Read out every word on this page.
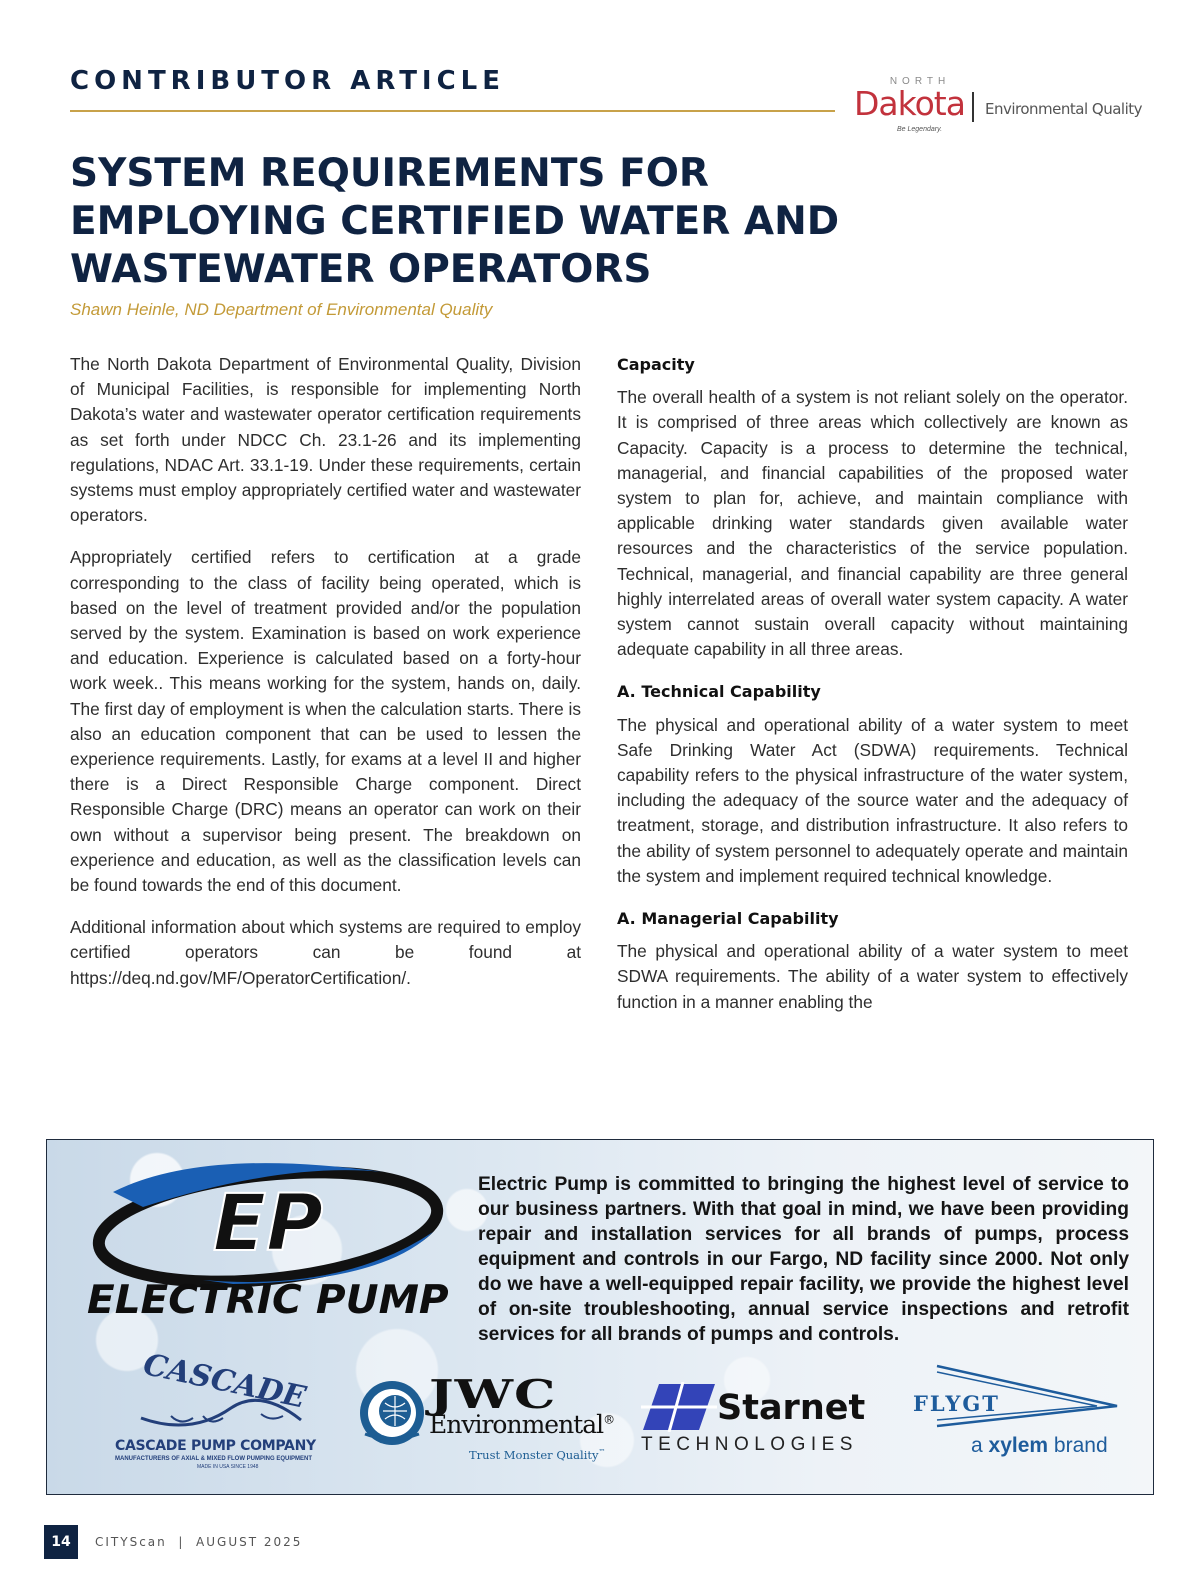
CONTRIBUTOR ARTICLE	NORTH
Dakota
Be Legendary.
Environmental Quality
SYSTEM REQUIREMENTS FOR EMPLOYING CERTIFIED WATER AND WASTEWATER OPERATORS
Shawn Heinle, ND Department of Environmental Quality

The North Dakota Department of Environmental Quality, Division of Municipal Facilities, is responsible for implementing North Dakota’s water and wastewater operator certification requirements as set forth under NDCC Ch. 23.1-26 and its implementing regulations, NDAC Art. 33.1-19. Under these requirements, certain systems must employ appropriately certified water and wastewater operators.

Appropriately certified refers to certification at a grade corresponding to the class of facility being operated, which is based on the level of treatment provided and/or the population served by the system. Examination is based on work experience and education. Experience is calculated based on a forty-hour work week.. This means working for the system, hands on, daily. The first day of employment is when the calculation starts. There is also an education component that can be used to lessen the experience requirements. Lastly, for exams at a level II and higher there is a Direct Responsible Charge component. Direct Responsible Charge (DRC) means an operator can work on their own without a supervisor being present. The breakdown on experience and education, as well as the classification levels can be found towards the end of this document.

Additional information about which systems are required to employ certified operators can be found at https://deq.nd.gov/MF/OperatorCertification/.

Capacity

The overall health of a system is not reliant solely on the operator. It is comprised of three areas which collectively are known as Capacity. Capacity is a process to determine the technical, managerial, and financial capabilities of the proposed water system to plan for, achieve, and maintain compliance with applicable drinking water standards given available water resources and the characteristics of the service population. Technical, managerial, and financial capability are three general highly interrelated areas of overall water system capacity. A water system cannot sustain overall capacity without maintaining adequate capability in all three areas.

A. Technical Capability

The physical and operational ability of a water system to meet Safe Drinking Water Act (SDWA) requirements. Technical capability refers to the physical infrastructure of the water system, including the adequacy of the source water and the adequacy of treatment, storage, and distribution infrastructure. It also refers to the ability of system personnel to adequately operate and maintain the system and implement required technical knowledge.

A. Managerial Capability

The physical and operational ability of a water system to meet SDWA requirements. The ability of a water system to effectively function in a manner enabling the

EP
ELECTRIC PUMP

Electric Pump is committed to bringing the highest level of service to our business partners. With that goal in mind, we have been providing repair and installation services for all brands of pumps, process equipment and controls in our Fargo, ND facility since 2000. Not only do we have a well-equipped repair facility, we provide the highest level of on-site troubleshooting, annual service inspections and retrofit services for all brands of pumps and controls.

CASCADE
CASCADE PUMP COMPANY
MANUFACTURERS OF AXIAL & MIXED FLOW PUMPING EQUIPMENT
MADE IN USA SINCE 1948
JWC
Environmental®
Trust Monster Quality™
Starnet
TECHNOLOGIES
FLYGT
a xylem brand
14	CITYScan  |  AUGUST 2025
